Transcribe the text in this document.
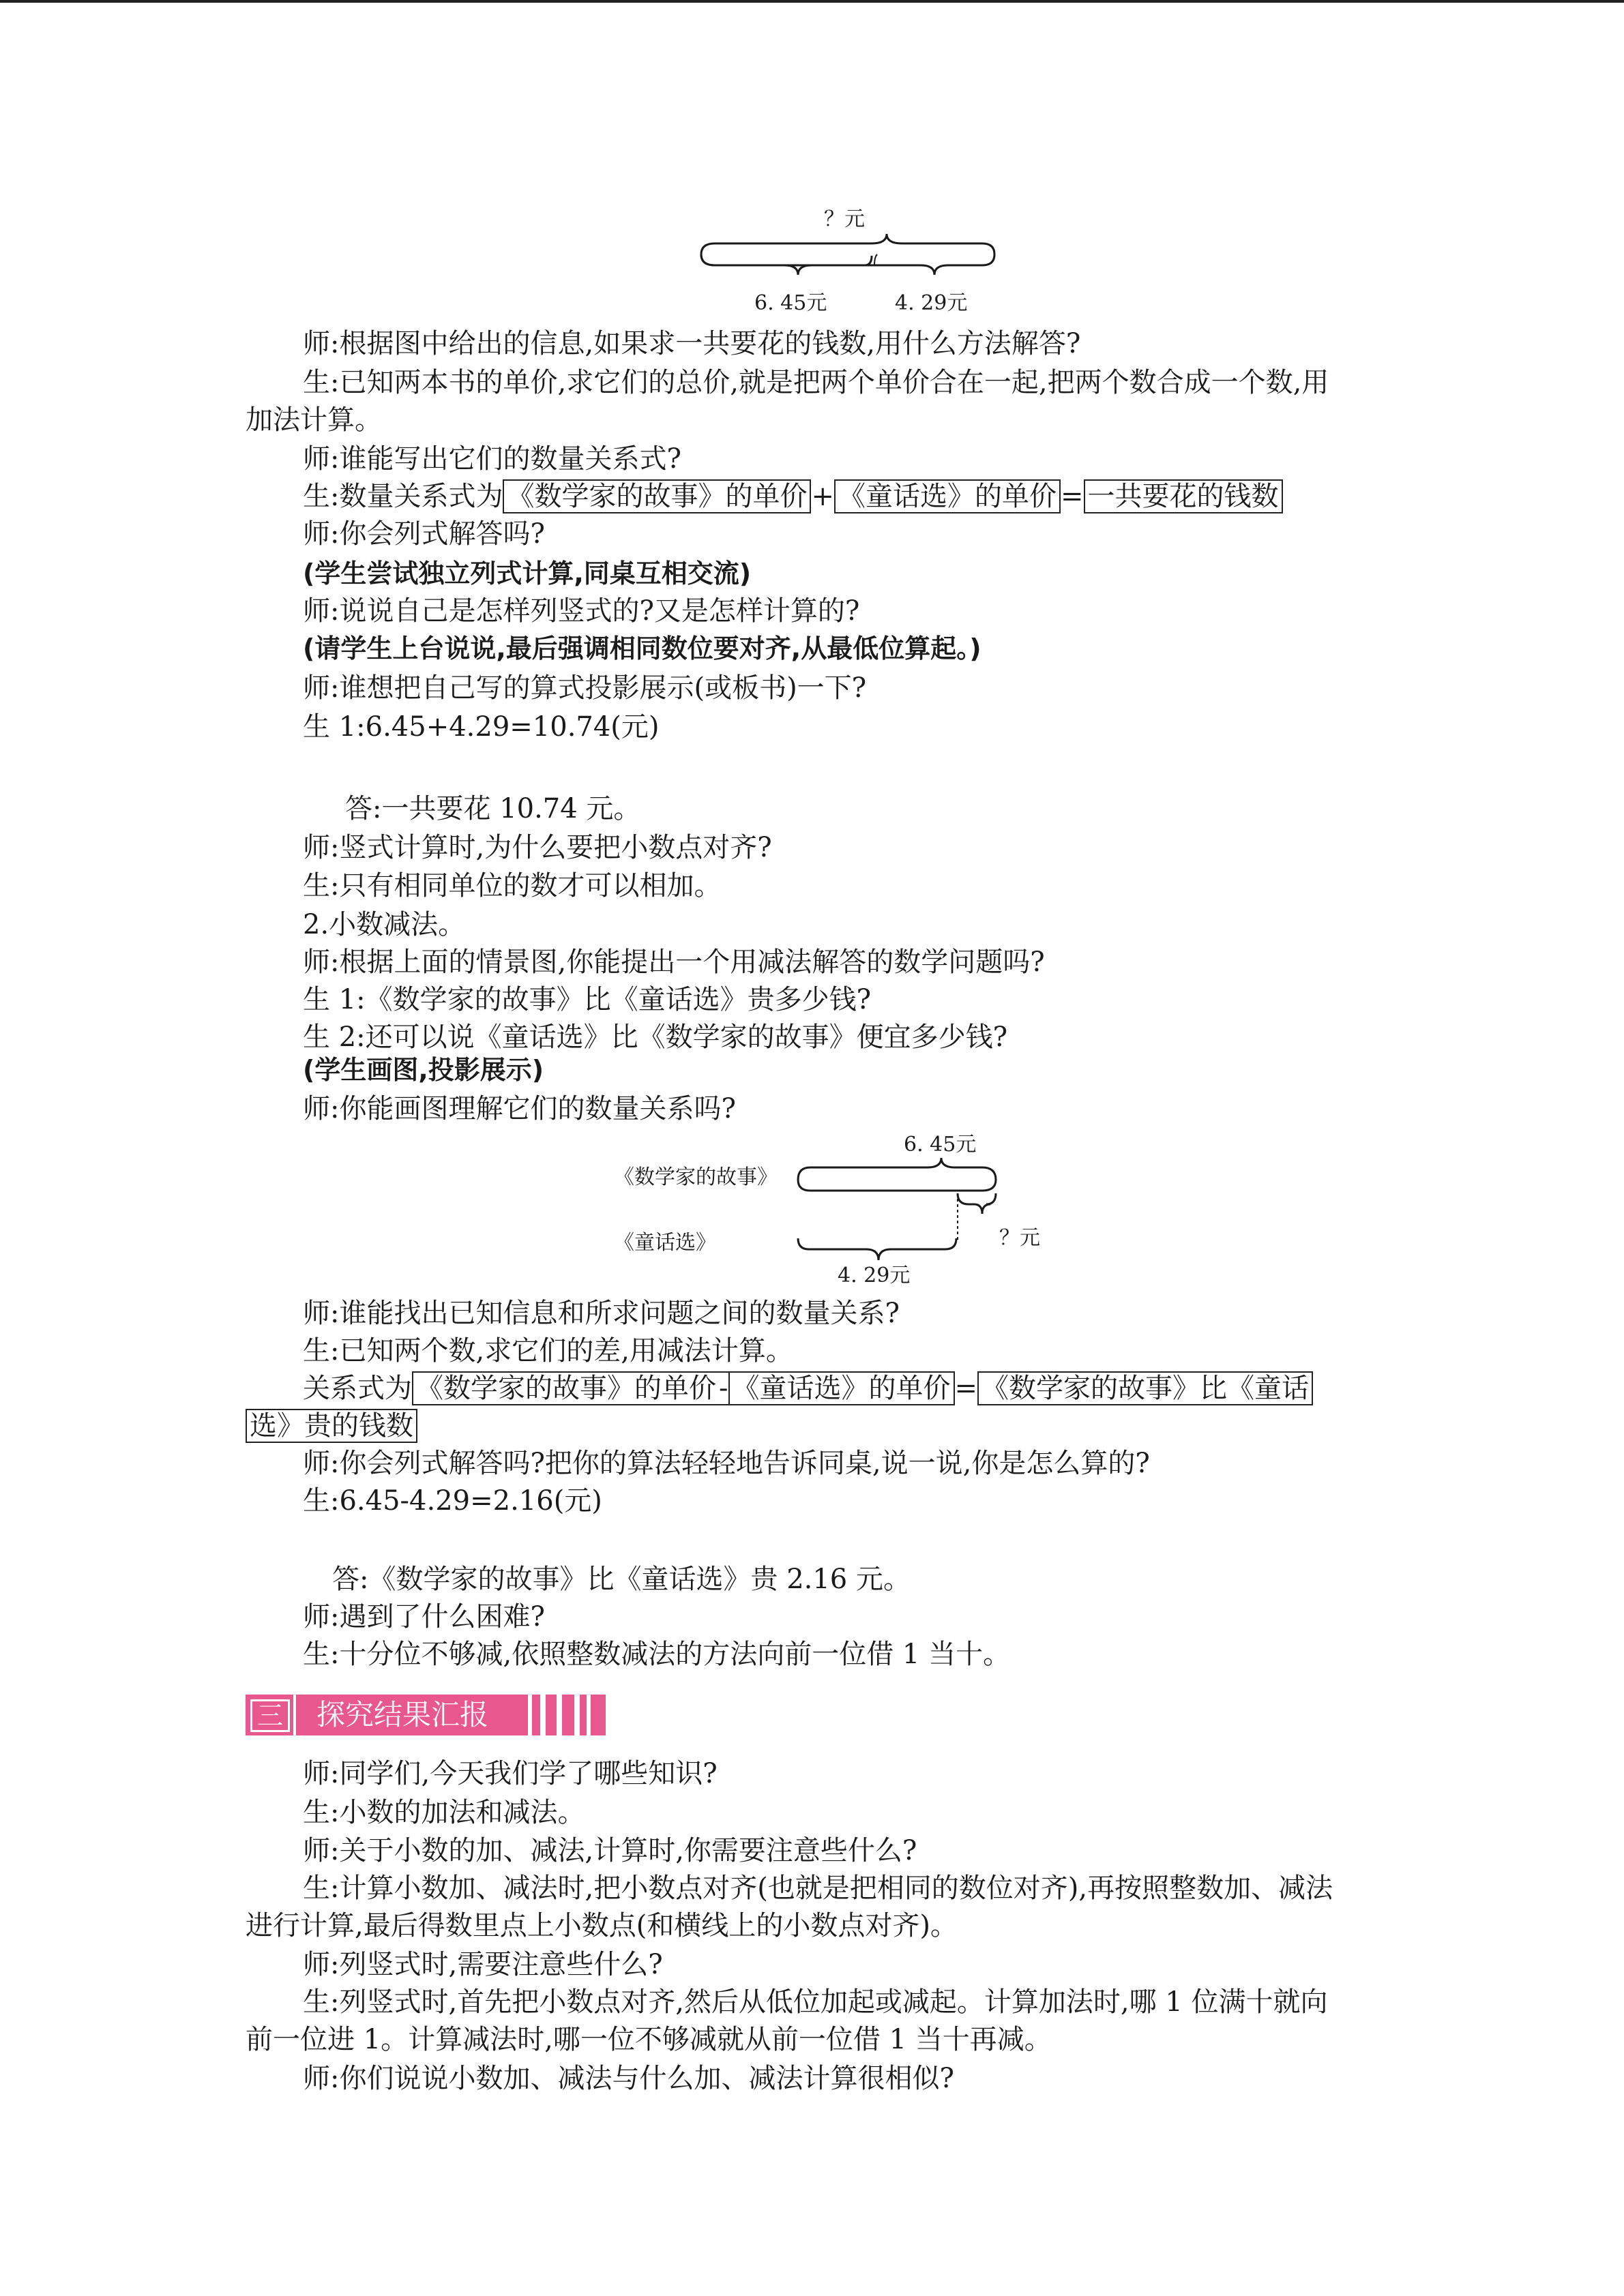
？元
6. 45元	4. 29元
师:根据图中给出的信息,如果求一共要花的钱数,用什么方法解答?
生:已知两本书的单价,求它们的总价,就是把两个单价合在一起,把两个数合成一个数,用
加法计算。
师:谁能写出它们的数量关系式?
生:数量关系式为 《数学家的故事》的单价 + 《童话选》的单价 = 一共要花的钱数
师:你会列式解答吗?
(学生尝试独立列式计算,同桌互相交流)
师:说说自己是怎样列竖式的?又是怎样计算的?
(请学生上台说说,最后强调相同数位要对齐,从最低位算起。)
师:谁想把自己写的算式投影展示(或板书)一下?
生 1:6.45+4.29=10.74(元)
答:一共要花 10.74 元。
师:竖式计算时,为什么要把小数点对齐?
生:只有相同单位的数才可以相加。
2.小数减法。
师:根据上面的情景图,你能提出一个用减法解答的数学问题吗?
生 1:《数学家的故事》比《童话选》贵多少钱?
生 2:还可以说《童话选》比《数学家的故事》便宜多少钱?
(学生画图,投影展示)
师:你能画图理解它们的数量关系吗?
6. 45元
《数学家的故事》
？元
《童话选》
4. 29元
师:谁能找出已知信息和所求问题之间的数量关系?
生:已知两个数,求它们的差,用减法计算。
关系式为 《数学家的故事》的单价 - 《童话选》的单价 = 《数学家的故事》比《童话
选》贵的钱数
师:你会列式解答吗?把你的算法轻轻地告诉同桌,说一说,你是怎么算的?
生:6.45-4.29=2.16(元)
答:《数学家的故事》比《童话选》贵 2.16 元。
师:遇到了什么困难?
生:十分位不够减,依照整数减法的方法向前一位借 1 当十。
三	探究结果汇报
师:同学们,今天我们学了哪些知识?
生:小数的加法和减法。
师:关于小数的加、减法,计算时,你需要注意些什么?
生:计算小数加、减法时,把小数点对齐(也就是把相同的数位对齐),再按照整数加、减法
进行计算,最后得数里点上小数点(和横线上的小数点对齐)。
师:列竖式时,需要注意些什么?
生:列竖式时,首先把小数点对齐,然后从低位加起或减起。计算加法时,哪 1 位满十就向
前一位进 1。计算减法时,哪一位不够减就从前一位借 1 当十再减。
师:你们说说小数加、减法与什么加、减法计算很相似?
